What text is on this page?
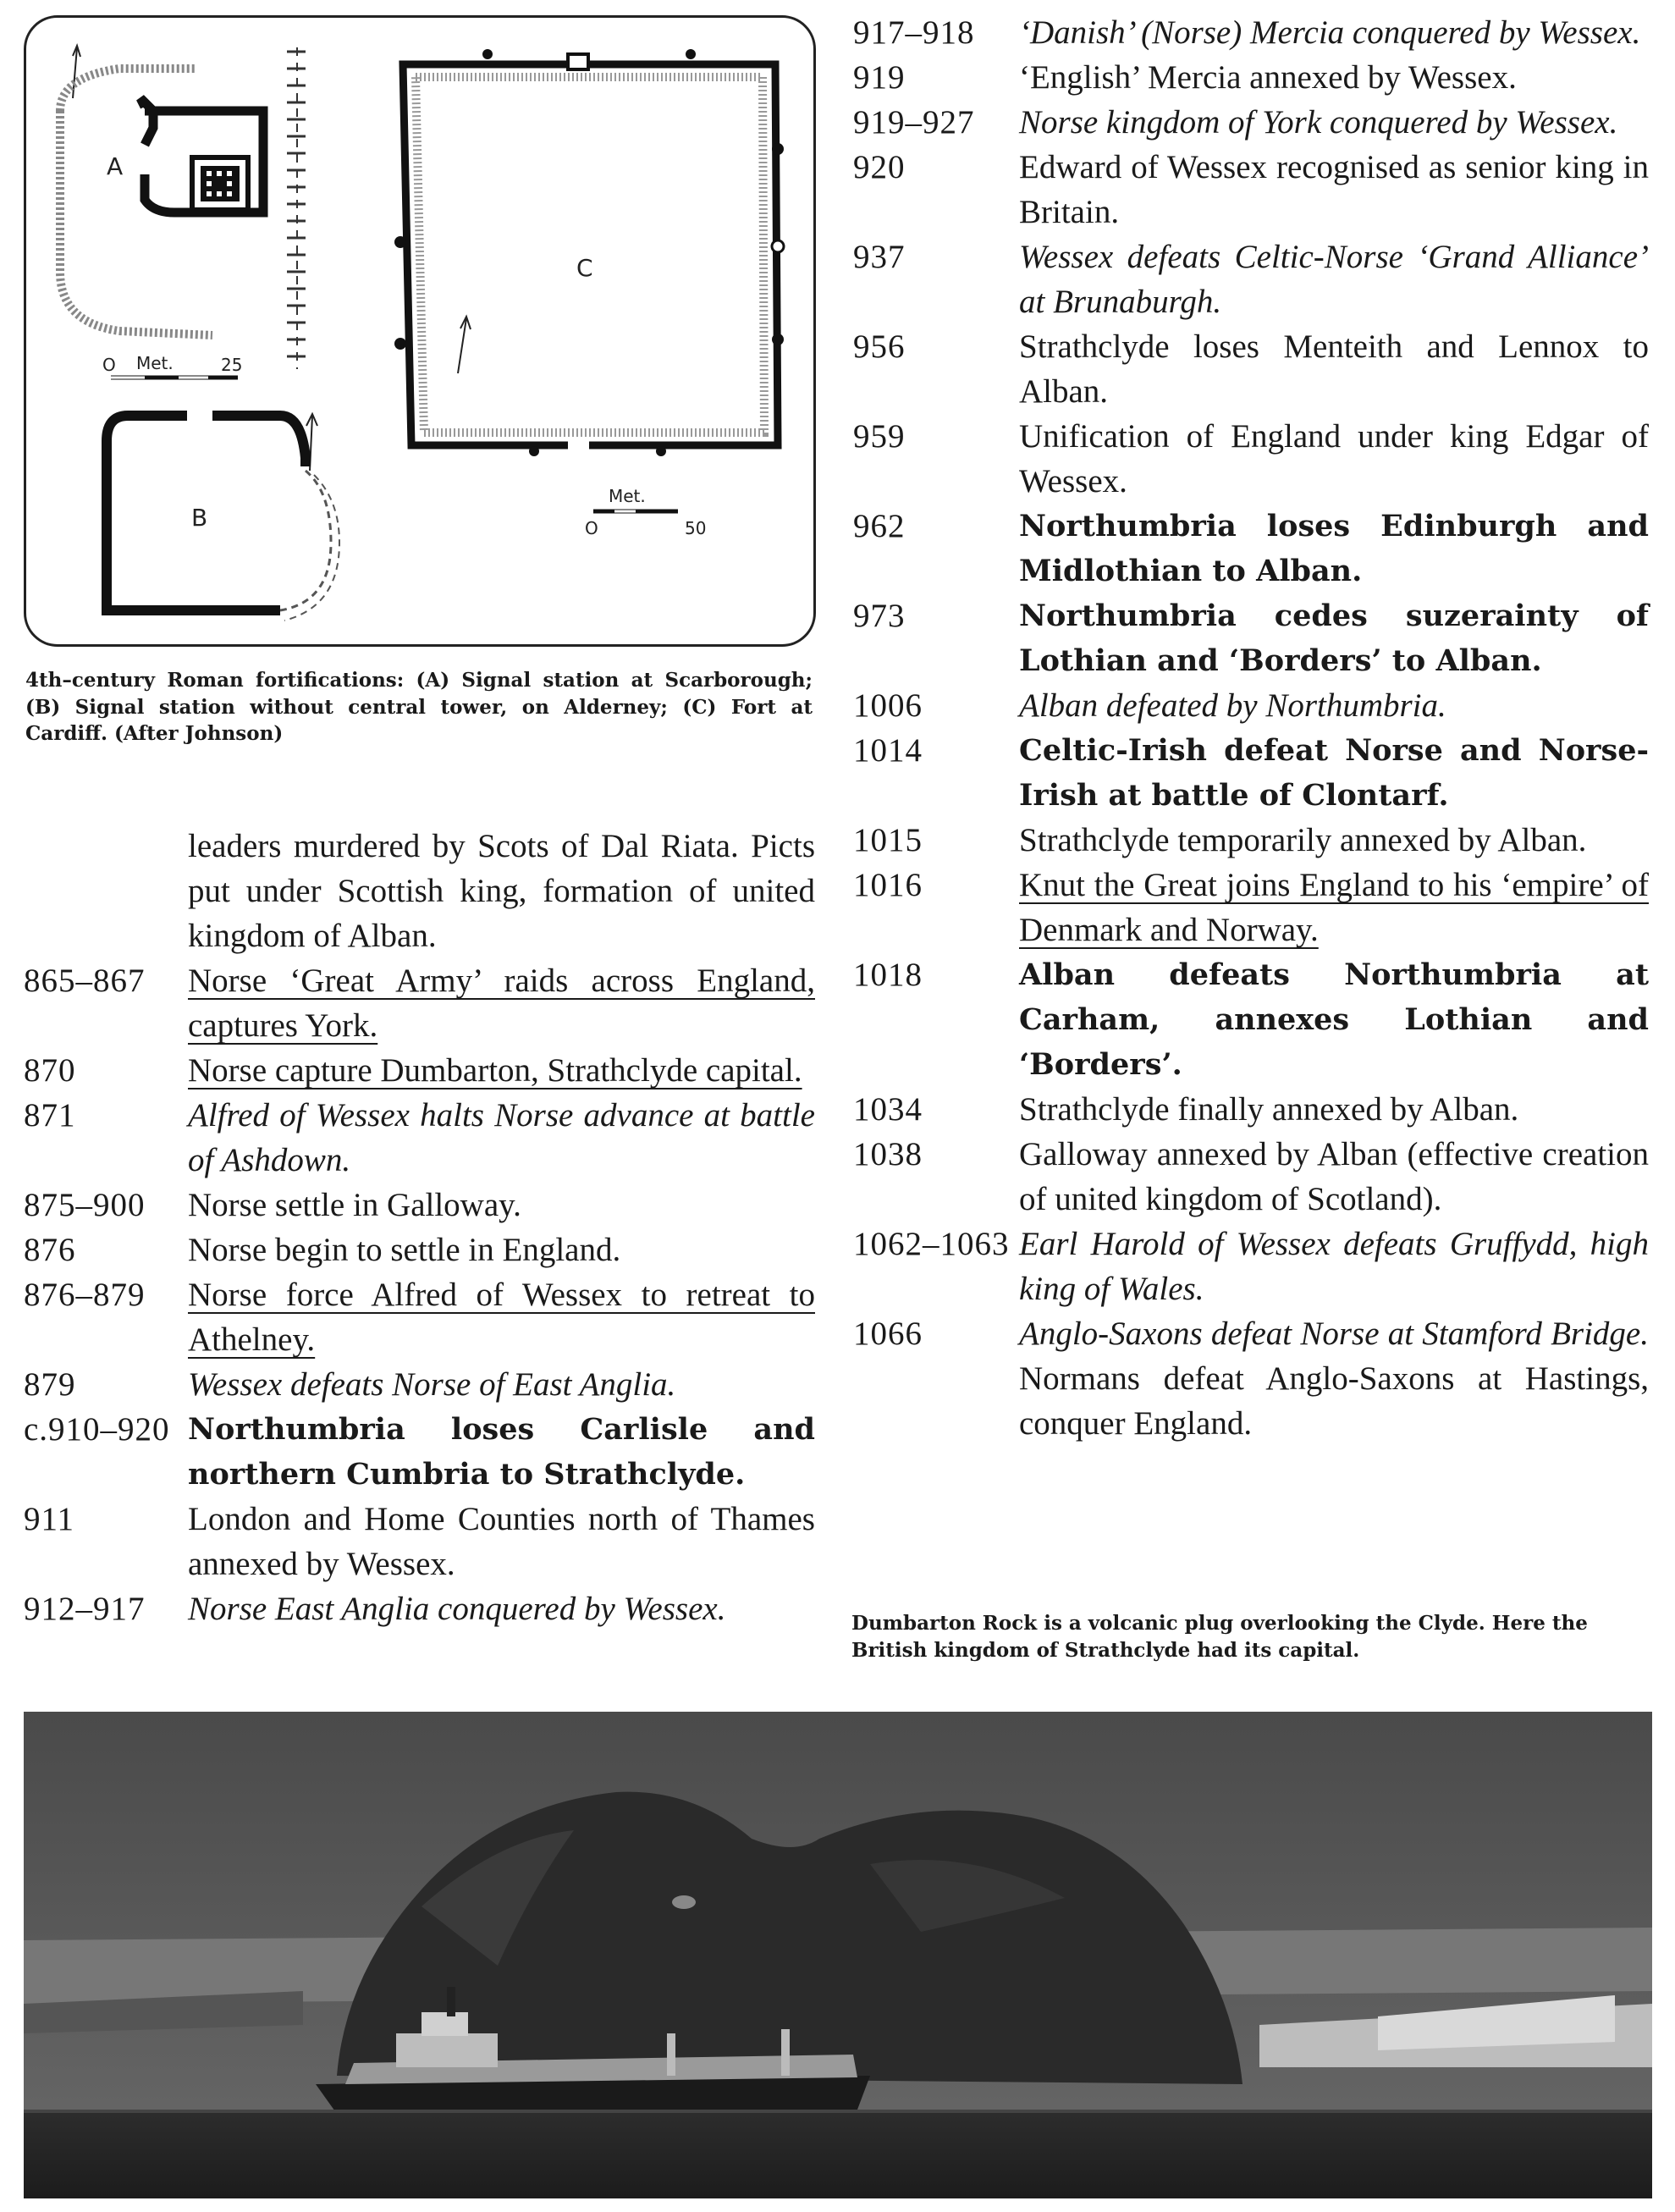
A
O Met.	25
B
C
Met.
O	50
4th–century Roman fortifications: (A) Signal station at Scarborough; (B) Signal station without central tower, on Alderney; (C) Fort at Cardiff. (After Johnson)
leaders murdered by Scots of Dal Riata. Picts put under Scottish king, formation of united kingdom of Alban.
865–867	Norse ‘Great Army’ raids across England, captures York.
870	Norse capture Dumbarton, Strathclyde capital.
871	Alfred of Wessex halts Norse advance at battle of Ashdown.
875–900	Norse settle in Galloway.
876	Norse begin to settle in England.
876–879	Norse force Alfred of Wessex to retreat to Athelney.
879	Wessex defeats Norse of East Anglia.
c.910–920 Northumbria loses Carlisle and northern Cumbria to Strathclyde.
911	London and Home Counties north of Thames annexed by Wessex.
912–917	Norse East Anglia conquered by Wessex.
917–918	‘Danish’ (Norse) Mercia conquered by Wessex.
919	‘English’ Mercia annexed by Wessex.
919–927	Norse kingdom of York conquered by Wessex.
920	Edward of Wessex recognised as senior king in Britain.
937	Wessex defeats Celtic-Norse ‘Grand Alliance’ at Brunaburgh.
956	Strathclyde loses Menteith and Lennox to Alban.
959	Unification of England under king Edgar of Wessex.
962	Northumbria loses Edinburgh and Midlothian to Alban.
973	Northumbria cedes suzerainty of Lothian and ‘Borders’ to Alban.
1006	Alban defeated by Northumbria.
1014	Celtic-Irish defeat Norse and Norse-Irish at battle of Clontarf.
1015	Strathclyde temporarily annexed by Alban.
1016	Knut the Great joins England to his ‘empire’ of Denmark and Norway.
1018	Alban defeats Northumbria at Carham, annexes Lothian and ‘Borders’.
1034	Strathclyde finally annexed by Alban.
1038	Galloway annexed by Alban (effective creation of united kingdom of Scotland).
1062–1063 Earl Harold of Wessex defeats Gruffydd, high king of Wales.
1066	Anglo-Saxons defeat Norse at Stamford Bridge. Normans defeat Anglo-Saxons at Hastings, conquer England.
Dumbarton Rock is a volcanic plug overlooking the Clyde. Here the British kingdom of Strathclyde had its capital.
